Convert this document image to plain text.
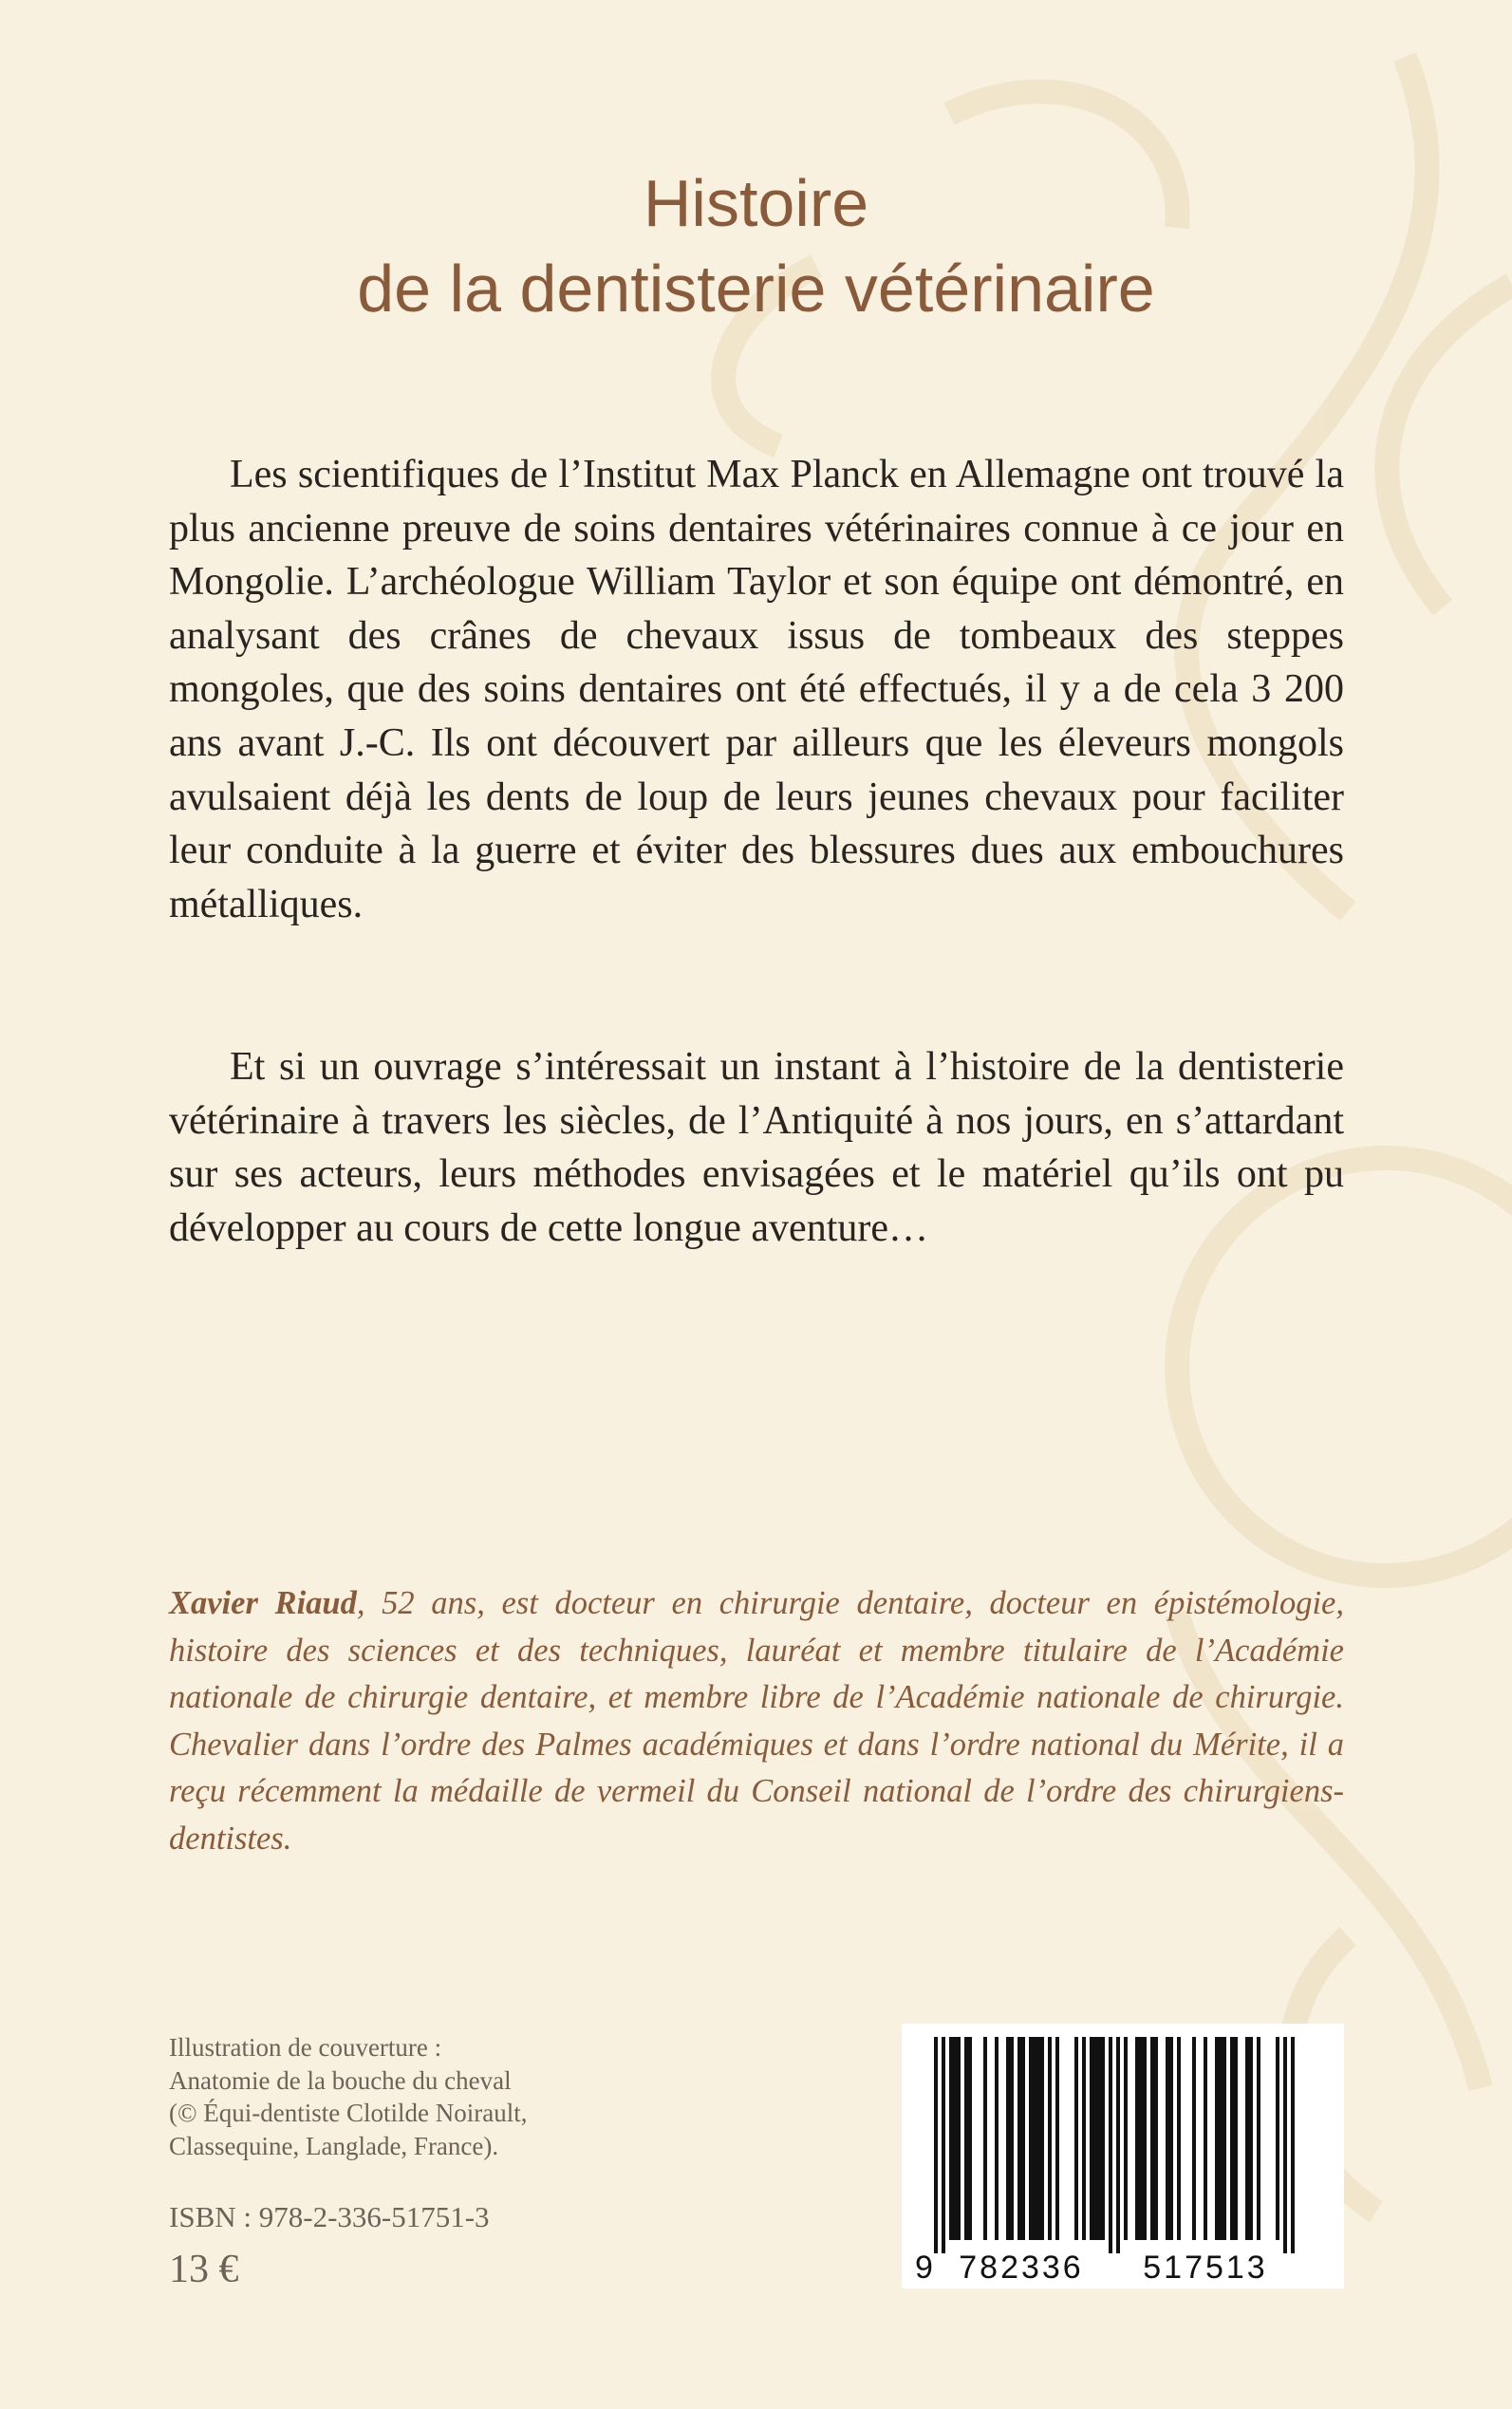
Histoire
de la dentisterie vétérinaire

Les scientifiques de l’Institut Max Planck en Allemagne ont trouvé la plus ancienne preuve de soins dentaires vétérinaires connue à ce jour en Mongolie. L’archéologue William Taylor et son équipe ont démontré, en analysant des crânes de chevaux issus de tombeaux des steppes mongoles, que des soins dentaires ont été effectués, il y a de cela 3 200 ans avant J.-C. Ils ont découvert par ailleurs que les éleveurs mongols avulsaient déjà les dents de loup de leurs jeunes chevaux pour faciliter leur conduite à la guerre et éviter des blessures dues aux embouchures métalliques.

Et si un ouvrage s’intéressait un instant à l’histoire de la dentisterie vétérinaire à travers les siècles, de l’Antiquité à nos jours, en s’attardant sur ses acteurs, leurs méthodes envisagées et le matériel qu’ils ont pu développer au cours de cette longue aventure…

Xavier Riaud, 52 ans, est docteur en chirurgie dentaire, docteur en épistémologie, histoire des sciences et des techniques, lauréat et membre titulaire de l’Académie nationale de chirurgie dentaire, et membre libre de l’Académie nationale de chirurgie. Chevalier dans l’ordre des Palmes académiques et dans l’ordre national du Mérite, il a reçu récemment la médaille de vermeil du Conseil national de l’ordre des chirurgiens-dentistes.

Illustration de couverture :
Anatomie de la bouche du cheval
(© Équi-dentiste Clotilde Noirault,
Classequine, Langlade, France).
ISBN : 978-2-336-51751-3
13 €	9 782336 517513
